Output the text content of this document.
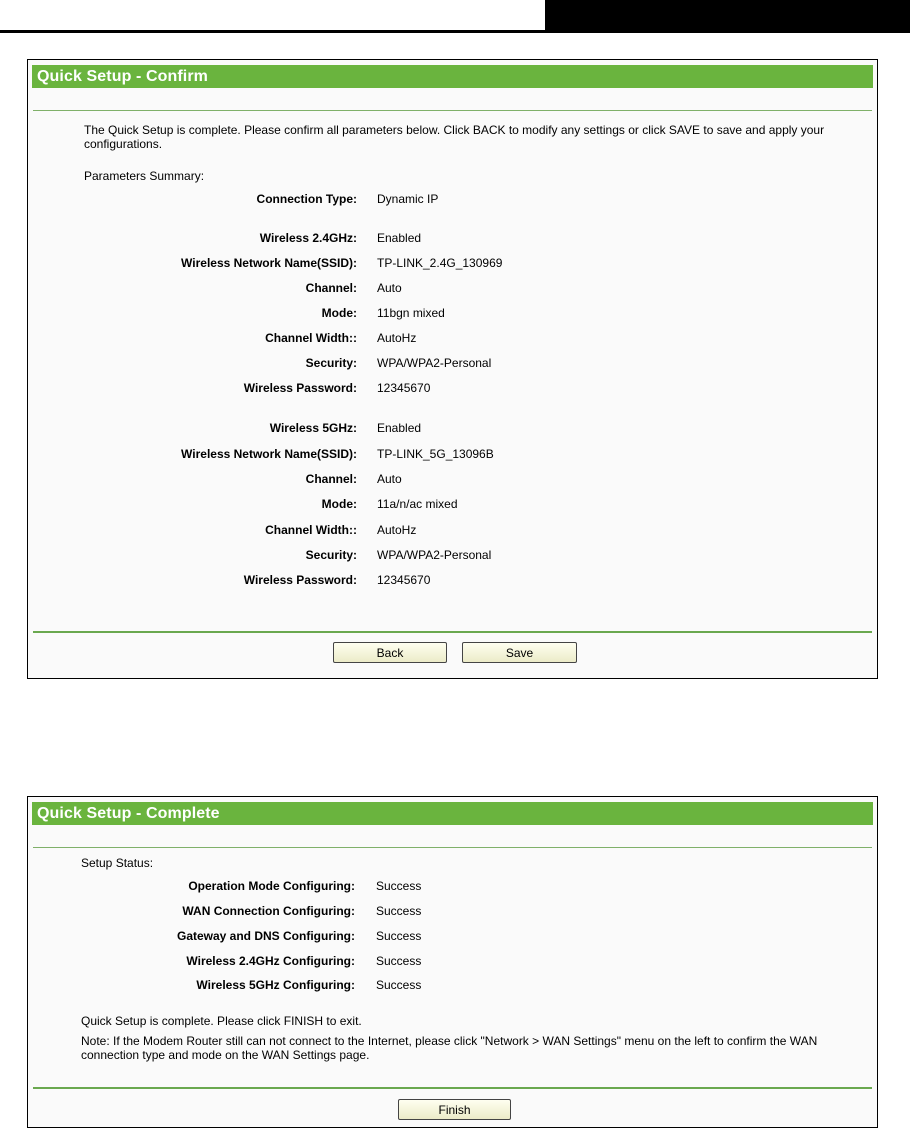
Quick Setup - Confirm
The Quick Setup is complete. Please confirm all parameters below. Click BACK to modify any settings or click SAVE to save and apply your configurations.
Parameters Summary:
Connection Type: Dynamic IP
Wireless 2.4GHz: Enabled
Wireless Network Name(SSID): TP-LINK_2.4G_130969
Channel: Auto
Mode: 11bgn mixed
Channel Width:: AutoHz
Security: WPA/WPA2-Personal
Wireless Password: 12345670
Wireless 5GHz: Enabled
Wireless Network Name(SSID): TP-LINK_5G_13096B
Channel: Auto
Mode: 11a/n/ac mixed
Channel Width:: AutoHz
Security: WPA/WPA2-Personal
Wireless Password: 12345670
Back	Save
Quick Setup - Complete
Setup Status:
Operation Mode Configuring: Success
WAN Connection Configuring: Success
Gateway and DNS Configuring: Success
Wireless 2.4GHz Configuring: Success
Wireless 5GHz Configuring: Success
Quick Setup is complete. Please click FINISH to exit.
Note: If the Modem Router still can not connect to the Internet, please click "Network > WAN Settings" menu on the left to confirm the WAN connection type and mode on the WAN Settings page.
Finish
